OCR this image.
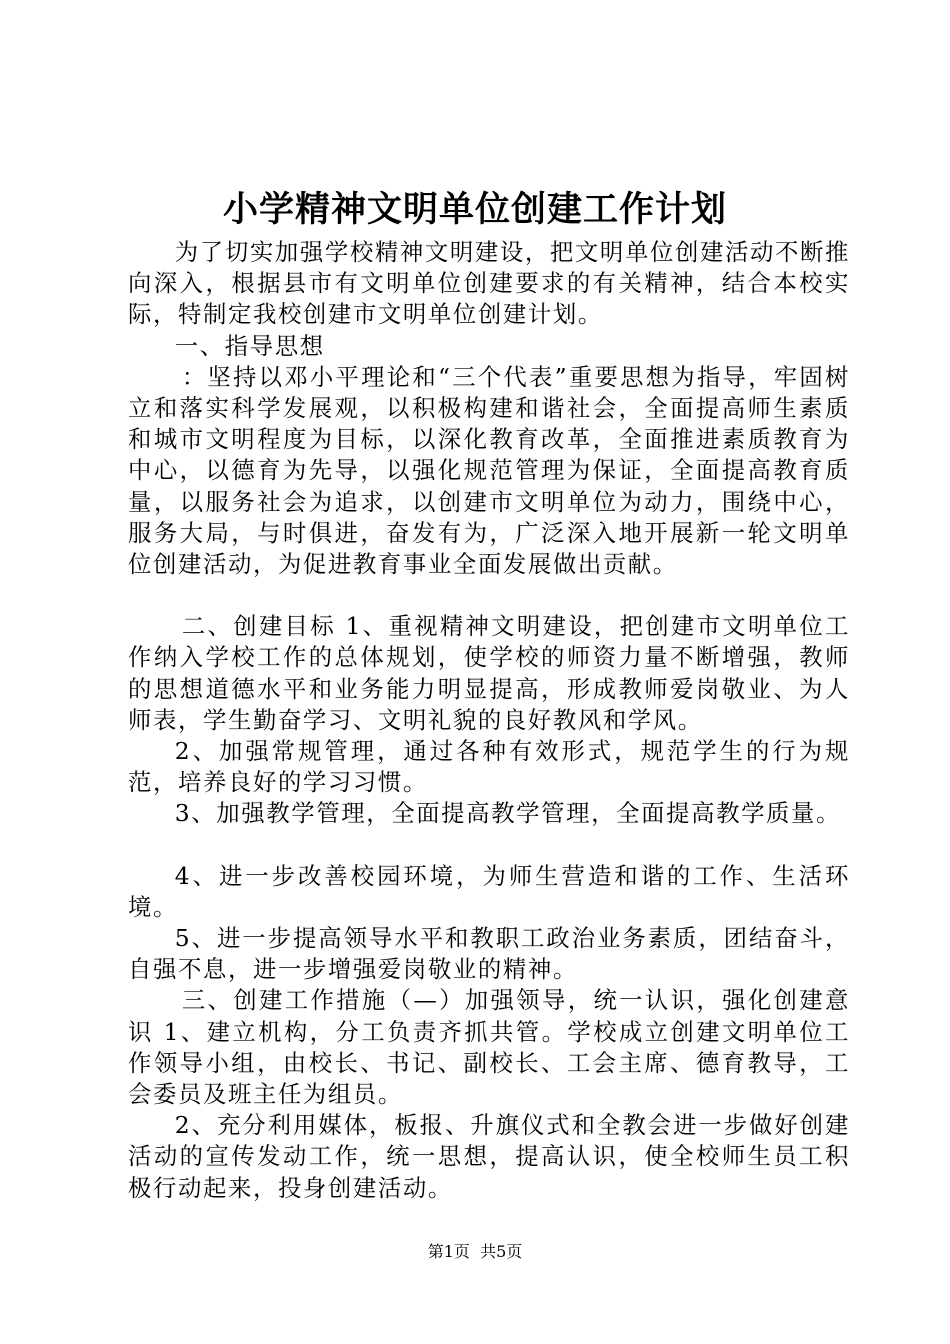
小学精神文明单位创建工作计划

为了切实加强学校精神文明建设，把文明单位创建活动不断推向深入，根据县市有文明单位创建要求的有关精神，结合本校实际，特制定我校创建市文明单位创建计划。

一、指导思想

：坚持以邓小平理论和“三个代表”重要思想为指导，牢固树立和落实科学发展观，以积极构建和谐社会，全面提高师生素质和城市文明程度为目标，以深化教育改革，全面推进素质教育为中心，以德育为先导，以强化规范管理为保证，全面提高教育质量，以服务社会为追求，以创建市文明单位为动力，围绕中心，服务大局，与时俱进，奋发有为，广泛深入地开展新一轮文明单位创建活动，为促进教育事业全面发展做出贡献。

二、创建目标 1、重视精神文明建设，把创建市文明单位工作纳入学校工作的总体规划，使学校的师资力量不断增强，教师的思想道德水平和业务能力明显提高，形成教师爱岗敬业、为人师表，学生勤奋学习、文明礼貌的良好教风和学风。

2、加强常规管理，通过各种有效形式，规范学生的行为规范，培养良好的学习习惯。

3、加强教学管理，全面提高教学管理，全面提高教学质量。

4、进一步改善校园环境，为师生营造和谐的工作、生活环境。

5、进一步提高领导水平和教职工政治业务素质，团结奋斗，自强不息，进一步增强爱岗敬业的精神。

三、创建工作措施（—）加强领导，统一认识，强化创建意识 1、建立机构，分工负责齐抓共管。学校成立创建文明单位工作领导小组，由校长、书记、副校长、工会主席、德育教导，工会委员及班主任为组员。

2、充分利用媒体，板报、升旗仪式和全教会进一步做好创建活动的宣传发动工作，统一思想，提高认识，使全校师生员工积极行动起来，投身创建活动。

第1页  共5页
